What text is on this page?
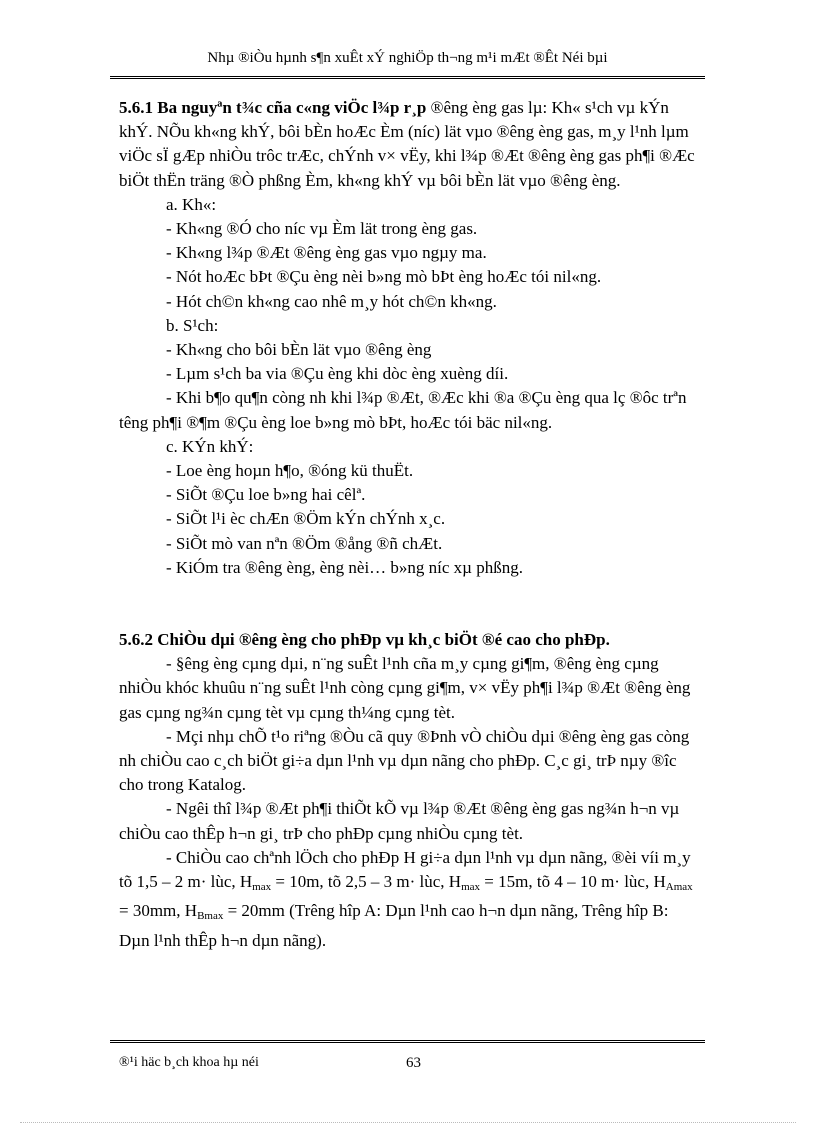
Nhµ ®iÒu hµnh s¶n xuÊt xÝ nghiÖp th¬ng m¹i mÆt ®Êt Néi bµi

5.6.1 Ba nguyªn t¾c cña c«ng viÖc l¾p r¸p ®êng èng gas lµ: Kh« s¹ch vµ kÝn khÝ. NÕu kh«ng khÝ, bôi bÈn hoÆc Èm (níc) lät vµo ®êng èng gas, m¸y l¹nh lµm viÖc sÏ gÆp nhiÒu trôc trÆc, chÝnh v× vËy, khi l¾p ®Æt ®êng èng gas ph¶i ®Æc biÖt thËn träng ®Ò phßng Èm, kh«ng khÝ vµ bôi bÈn lät vµo ®êng èng.

a. Kh«:

- Kh«ng ®Ó cho níc vµ Èm lät trong èng gas.

- Kh«ng l¾p ®Æt ®êng èng gas vµo ngµy ma.

- Nót hoÆc bÞt ®Çu èng nèi b»ng mò bÞt èng hoÆc tói nil«ng.

- Hót ch©n kh«ng cao nhê m¸y hót ch©n kh«ng.

b. S¹ch:

- Kh«ng cho bôi bÈn lät vµo ®êng èng

- Lµm s¹ch ba via ®Çu èng khi dòc èng xuèng díi.

- Khi b¶o qu¶n còng nh khi l¾p ®Æt, ®Æc khi ®a ®Çu èng qua lç ®ôc trªn têng ph¶i ®¶m ®Çu èng loe b»ng mò bÞt, hoÆc tói bäc nil«ng.

c. KÝn khÝ:

- Loe èng hoµn h¶o, ®óng kü thuËt.

- SiÕt ®Çu loe b»ng hai cêlª.

- SiÕt l¹i èc chÆn ®Öm kÝn chÝnh x¸c.

- SiÕt mò van nªn ®Öm ®ång ®ñ chÆt.

- KiÓm tra ®êng èng, èng nèi… b»ng níc xµ phßng.

5.6.2 ChiÒu dµi ®êng èng cho phÐp vµ kh¸c biÖt ®é cao cho phÐp.

- §êng èng cµng dµi, n¨ng suÊt l¹nh cña m¸y cµng gi¶m, ®êng èng cµng nhiÒu khóc khuûu n¨ng suÊt l¹nh còng cµng gi¶m, v× vËy ph¶i l¾p ®Æt ®êng èng gas cµng ng¾n cµng tèt vµ cµng th¼ng cµng tèt.

- Mçi nhµ chÕ t¹o riªng ®Òu cã quy ®Þnh vÒ chiÒu dµi ®êng èng gas còng nh chiÒu cao c¸ch biÖt gi÷a dµn l¹nh vµ dµn nãng cho phÐp. C¸c gi¸ trÞ nµy ®îc cho trong Katalog.

- Ngêi thî l¾p ®Æt ph¶i thiÕt kÕ vµ l¾p ®Æt ®êng èng gas ng¾n h¬n vµ chiÒu cao thÊp h¬n gi¸ trÞ cho phÐp cµng nhiÒu cµng tèt.

- ChiÒu cao chªnh lÖch cho phÐp H gi÷a dµn l¹nh vµ dµn nãng, ®èi víi m¸y tõ 1,5 – 2 m· lùc, $H_{max} = 10m$, tõ 2,5 – 3 m· lùc, $H_{max} = 15m$, tõ 4 – 10 m· lùc, $H_{Amax} = 30mm$, $H_{Bmax} = 20mm$ (Trêng hîp A: Dµn l¹nh cao h¬n dµn nãng, Trêng hîp B: Dµn l¹nh thÊp h¬n dµn nãng).

®¹i häc b¸ch khoa hµ néi	63
